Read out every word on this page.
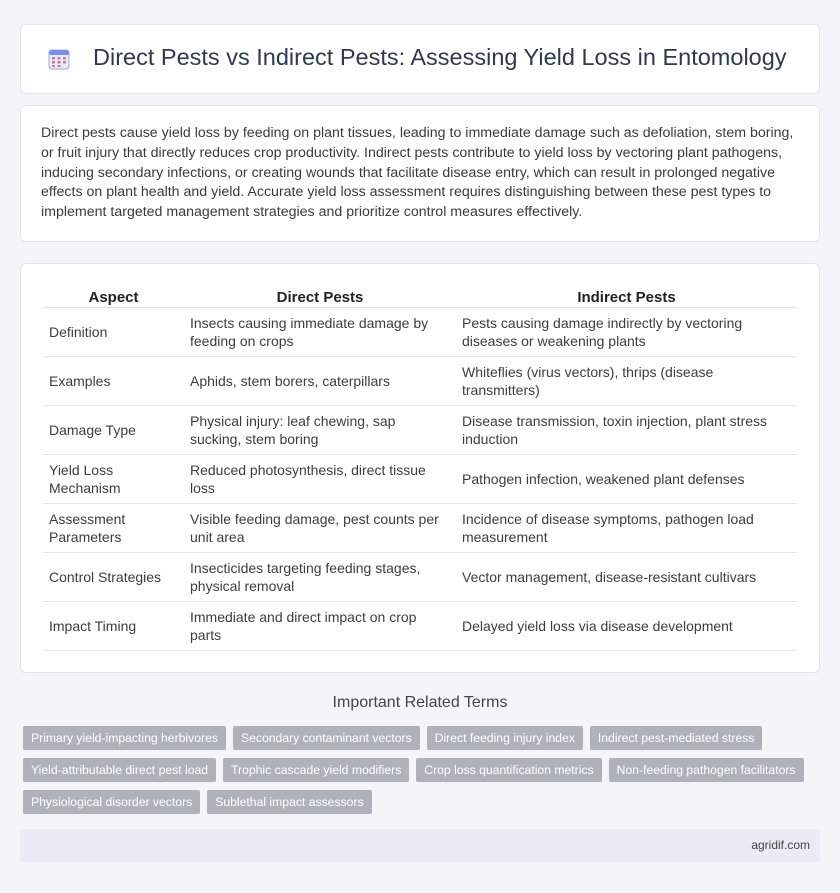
Direct Pests vs Indirect Pests: Assessing Yield Loss in Entomology

Direct pests cause yield loss by feeding on plant tissues, leading to immediate damage such as defoliation, stem boring, or fruit injury that directly reduces crop productivity. Indirect pests contribute to yield loss by vectoring plant pathogens, inducing secondary infections, or creating wounds that facilitate disease entry, which can result in prolonged negative effects on plant health and yield. Accurate yield loss assessment requires distinguishing between these pest types to implement targeted management strategies and prioritize control measures effectively.

Aspect	Direct Pests	Indirect Pests
Definition	Insects causing immediate damage by feeding on crops	Pests causing damage indirectly by vectoring diseases or weakening plants
Examples	Aphids, stem borers, caterpillars	Whiteflies (virus vectors), thrips (disease transmitters)
Damage Type	Physical injury: leaf chewing, sap sucking, stem boring	Disease transmission, toxin injection, plant stress induction
Yield Loss Mechanism	Reduced photosynthesis, direct tissue loss	Pathogen infection, weakened plant defenses
Assessment Parameters	Visible feeding damage, pest counts per unit area	Incidence of disease symptoms, pathogen load measurement
Control Strategies	Insecticides targeting feeding stages, physical removal	Vector management, disease-resistant cultivars
Impact Timing	Immediate and direct impact on crop parts	Delayed yield loss via disease development
Important Related Terms
Primary yield-impacting herbivores	Secondary contaminant vectors	Direct feeding injury index	Indirect pest-mediated stress
Yield-attributable direct pest load	Trophic cascade yield modifiers	Crop loss quantification metrics	Non-feeding pathogen facilitators
Physiological disorder vectors	Sublethal impact assessors
agridif.com
